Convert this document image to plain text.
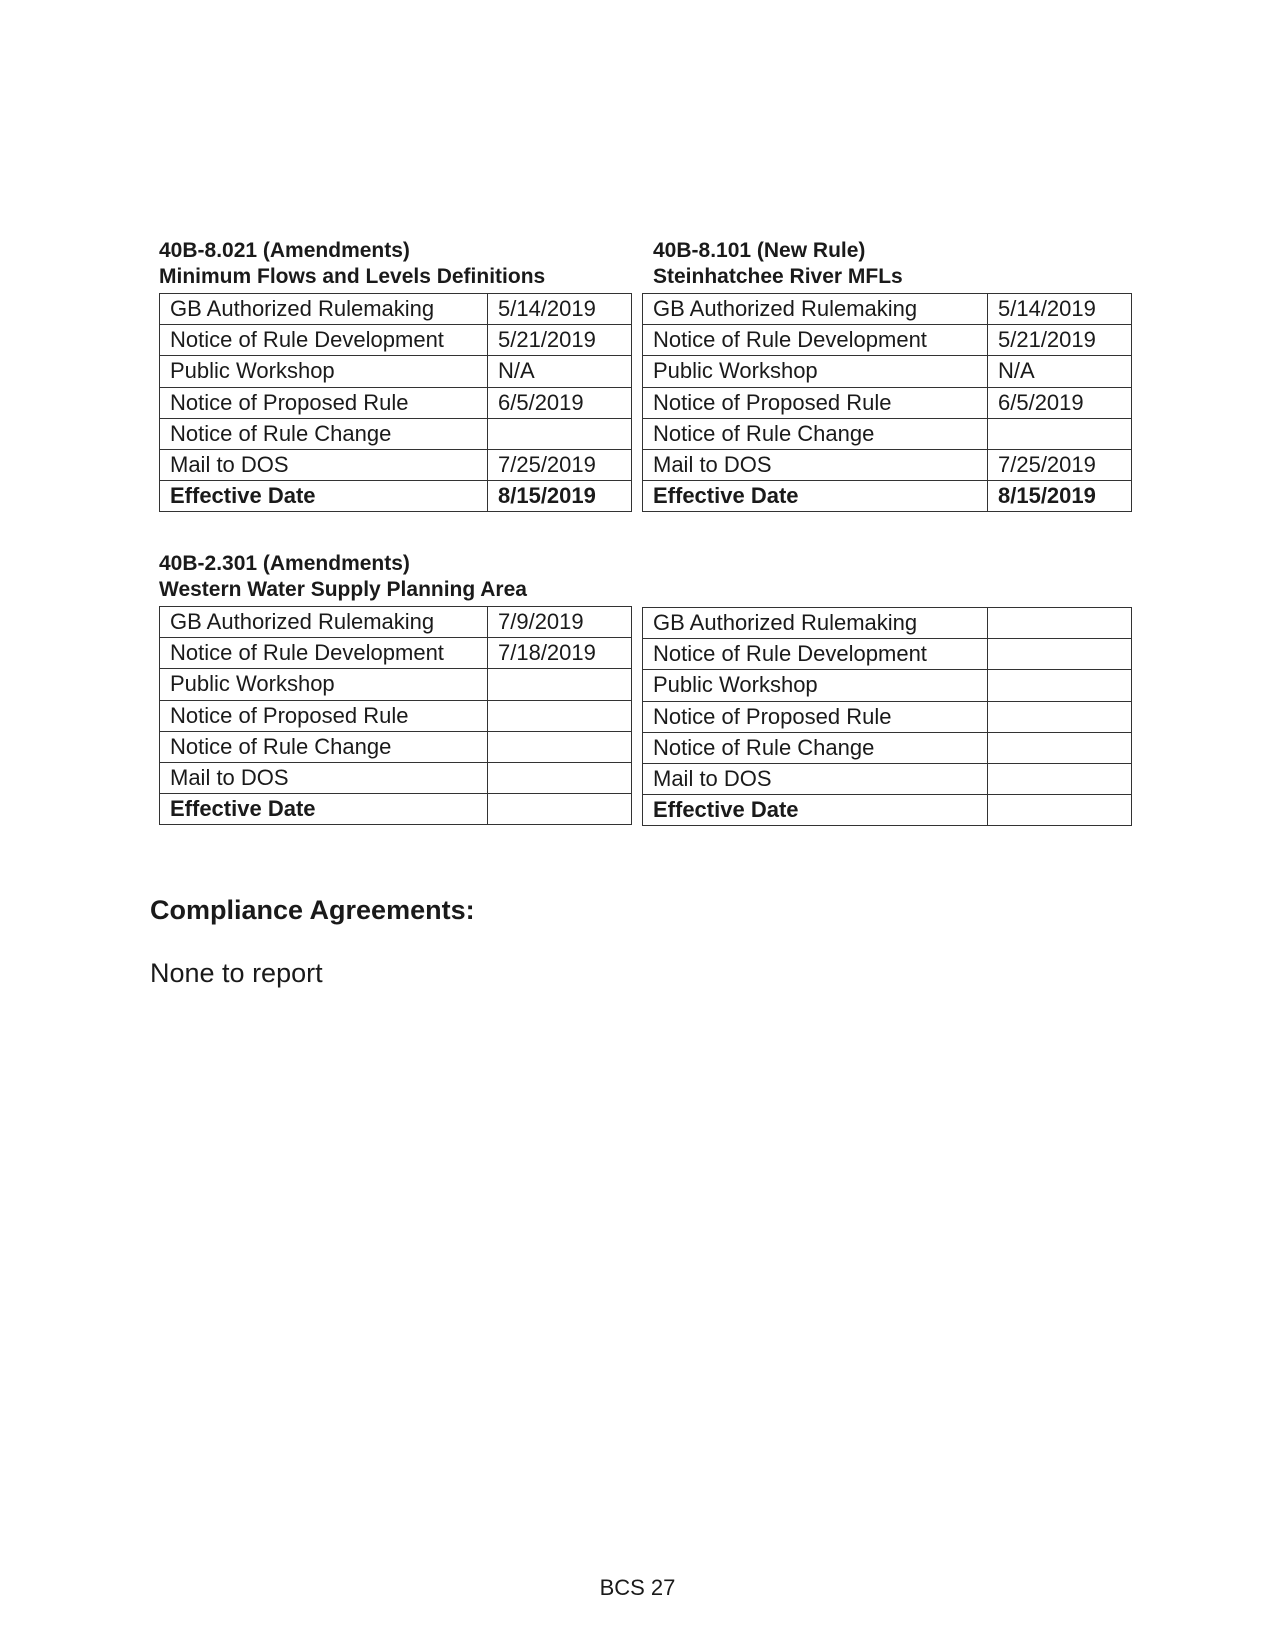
40B-8.021 (Amendments)
Minimum Flows and Levels Definitions
GB Authorized Rulemaking	5/14/2019
Notice of Rule Development	5/21/2019
Public Workshop	N/A
Notice of Proposed Rule	6/5/2019
Notice of Rule Change	
Mail to DOS	7/25/2019
Effective Date	8/15/2019
40B-8.101 (New Rule)
Steinhatchee River MFLs
GB Authorized Rulemaking	5/14/2019
Notice of Rule Development	5/21/2019
Public Workshop	N/A
Notice of Proposed Rule	6/5/2019
Notice of Rule Change	
Mail to DOS	7/25/2019
Effective Date	8/15/2019
40B-2.301 (Amendments)
Western Water Supply Planning Area
GB Authorized Rulemaking	7/9/2019
Notice of Rule Development	7/18/2019
Public Workshop	
Notice of Proposed Rule	
Notice of Rule Change	
Mail to DOS	
Effective Date	
GB Authorized Rulemaking	
Notice of Rule Development	
Public Workshop	
Notice of Proposed Rule	
Notice of Rule Change	
Mail to DOS	
Effective Date	
Compliance Agreements:
None to report
BCS 27
